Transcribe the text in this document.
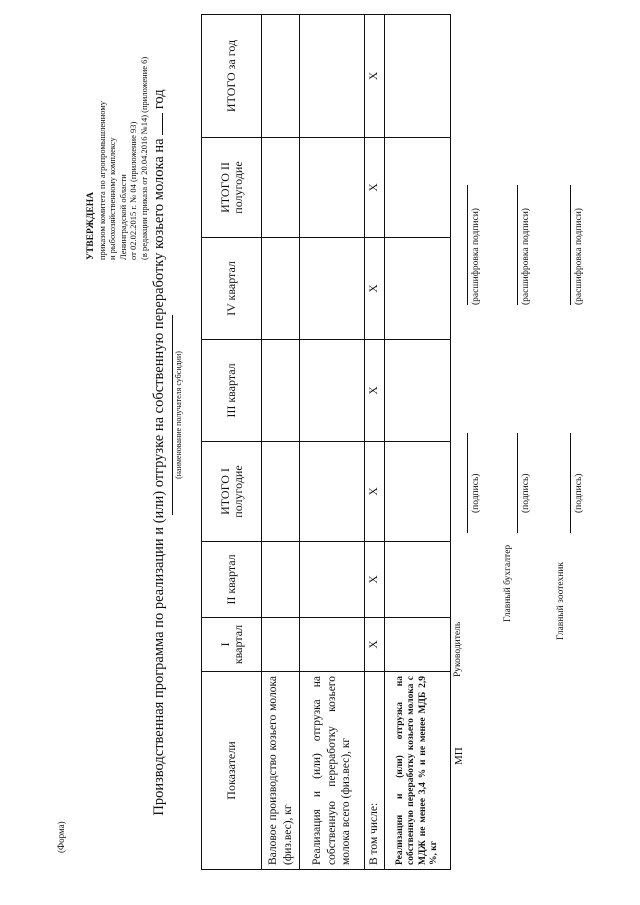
(Форма)
УТВЕРЖДЕНА приказом комитета по агропромышленному и рыбохозяйственному комплексу Ленинградской области от 02.02.2015 г. № 04 (приложение 93) (в редакции приказа от 20.04.2016 №14) (приложение 6) Производственная программа по реализации и (или) отгрузке на собственную переработку козьего молока на  год
(наименование получателя субсидии)
Показатели	I квартал	II квартал	ИТОГО I полугодие	III квартал	IV квартал	ИТОГО II полугодие	ИТОГО за год
Валовое производство козьего молока (физ.вес), кг							
Реализация и (или) отгрузка на собственную переработку козьего молока всего (физ.вес), кг							
В том числе:	Х	Х	Х	Х	Х	Х	Х
Реализация и (или) отгрузка на собственную переработку козьего молока с МДЖ не менее 3,4 % и не менее МДБ 2,9 %, кг							
МП
Руководитель
(подпись)
(расшифровка подписи)
Главный бухгалтер
(подпись)
(расшифровка подписи)
Главный зоотехник
(подпись)
(расшифровка подписи)
